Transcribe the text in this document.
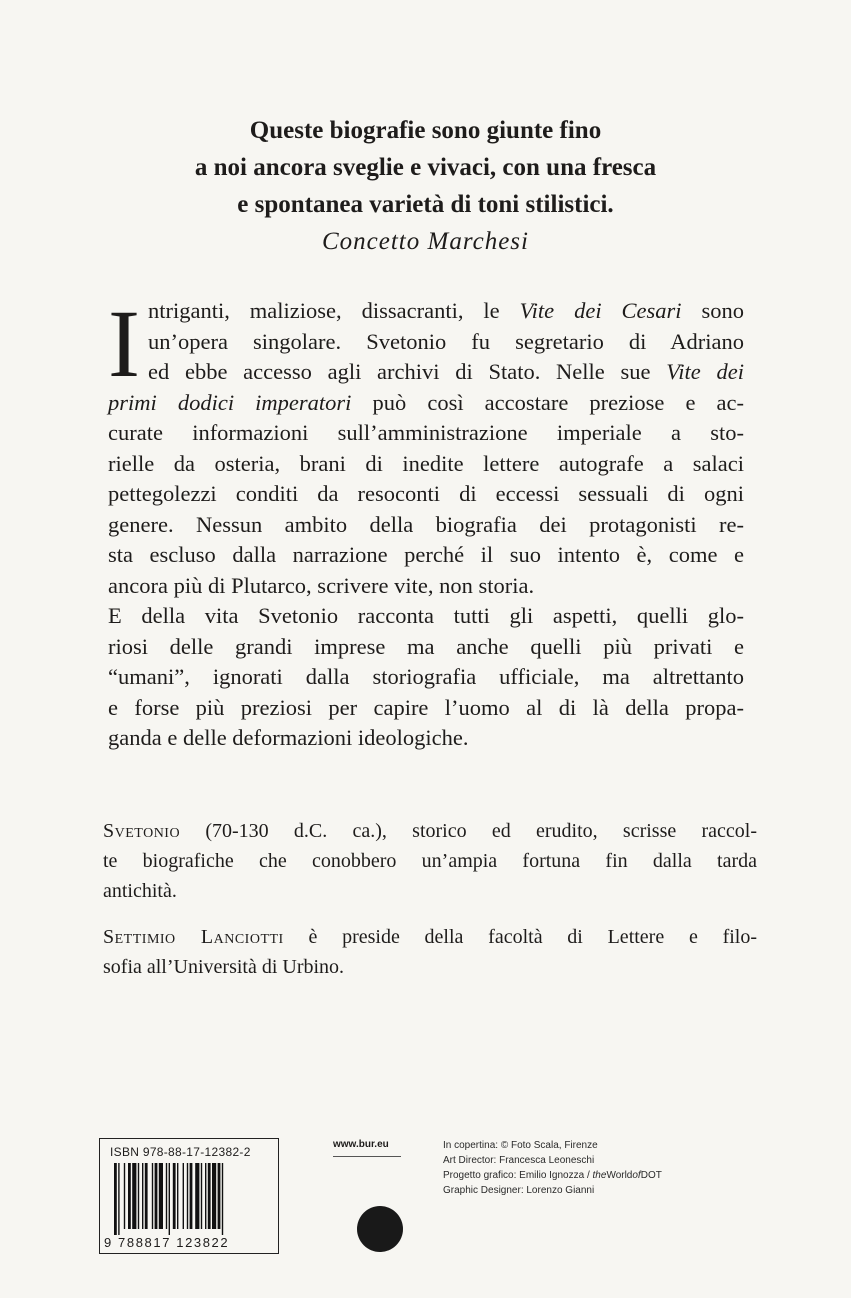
Queste biografie sono giunte fino
a noi ancora sveglie e vivaci, con una fresca
e spontanea varietà di toni stilistici.
Concetto Marchesi
I ntriganti, maliziose, dissacranti, le Vite dei Cesari sono
un’opera singolare. Svetonio fu segretario di Adriano
ed ebbe accesso agli archivi di Stato. Nelle sue Vite dei
primi dodici imperatori può così accostare preziose e ac-
curate informazioni sull’amministrazione imperiale a sto-
rielle da osteria, brani di inedite lettere autografe a salaci
pettegolezzi conditi da resoconti di eccessi sessuali di ogni
genere. Nessun ambito della biografia dei protagonisti re-
sta escluso dalla narrazione perché il suo intento è, come e
ancora più di Plutarco, scrivere vite, non storia.
E della vita Svetonio racconta tutti gli aspetti, quelli glo-
riosi delle grandi imprese ma anche quelli più privati e
“umani”, ignorati dalla storiografia ufficiale, ma altrettanto
e forse più preziosi per capire l’uomo al di là della propa-
ganda e delle deformazioni ideologiche.
Svetonio (70-130 d.C. ca.), storico ed erudito, scrisse raccol-
te biografiche che conobbero un’ampia fortuna fin dalla tarda
antichità.
Settimio Lanciotti è preside della facoltà di Lettere e filo-
sofia all’Università di Urbino.
ISBN 978-88-17-12382-2
9 788817 123822
www.bur.eu	In copertina: © Foto Scala, Firenze
Art Director: Francesca Leoneschi
Progetto grafico: Emilio Ignozza / theWorldofDOT
Graphic Designer: Lorenzo Gianni
